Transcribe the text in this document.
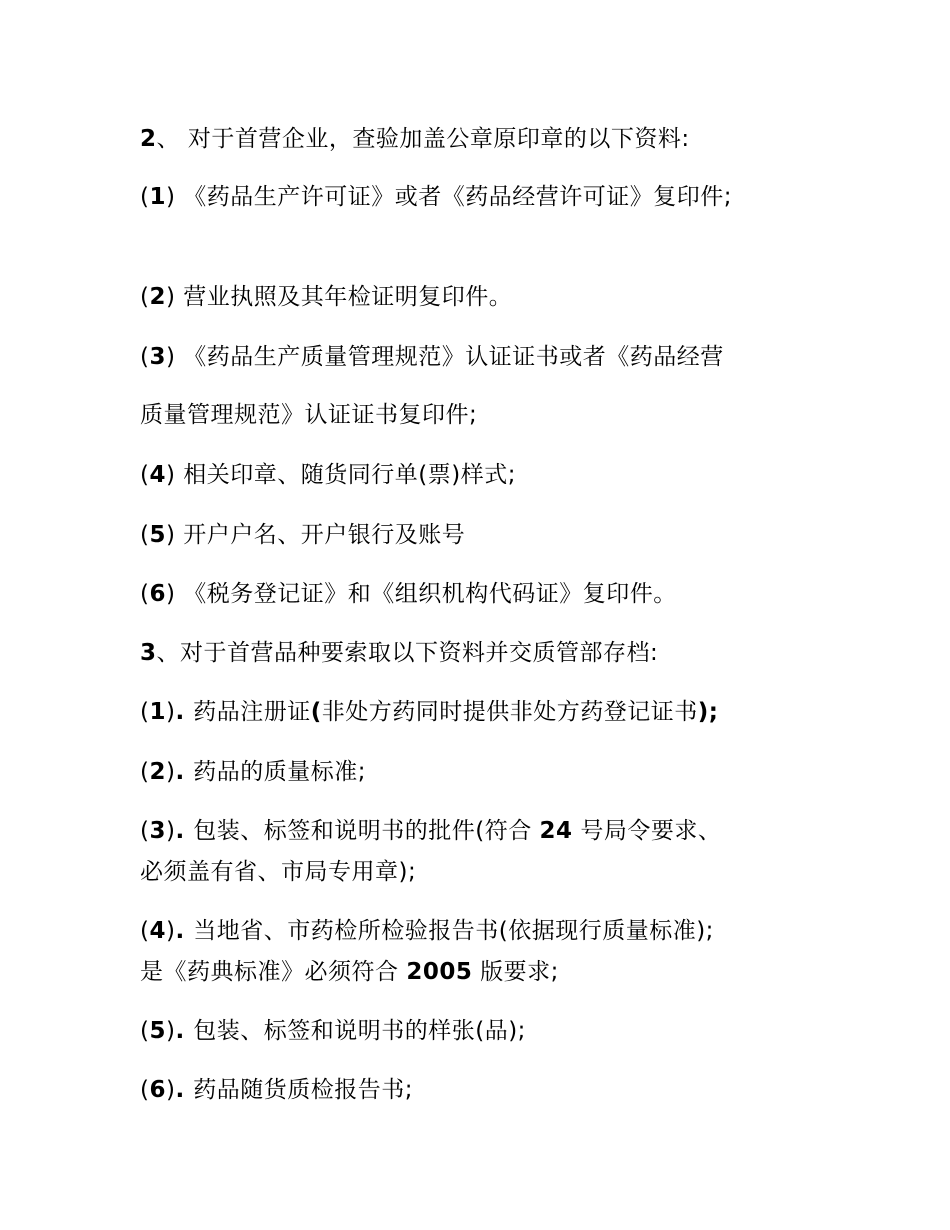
2、 对于首营企业，查验加盖公章原印章的以下资料:
(1) 《药品生产许可证》或者《药品经营许可证》复印件;
(2) 营业执照及其年检证明复印件。
(3) 《药品生产质量管理规范》认证证书或者《药品经营
质量管理规范》认证证书复印件;
(4) 相关印章、随货同行单(票)样式;
(5) 开户户名、开户银行及账号
(6) 《税务登记证》和《组织机构代码证》复印件。
3、对于首营品种要索取以下资料并交质管部存档:
(1). 药品注册证(非处方药同时提供非处方药登记证书);
(2). 药品的质量标准;
(3). 包装、标签和说明书的批件(符合 24 号局令要求、
必须盖有省、市局专用章);
(4). 当地省、市药检所检验报告书(依据现行质量标准);
是《药典标准》必须符合 2005 版要求;
(5). 包装、标签和说明书的样张(品);
(6). 药品随货质检报告书;
